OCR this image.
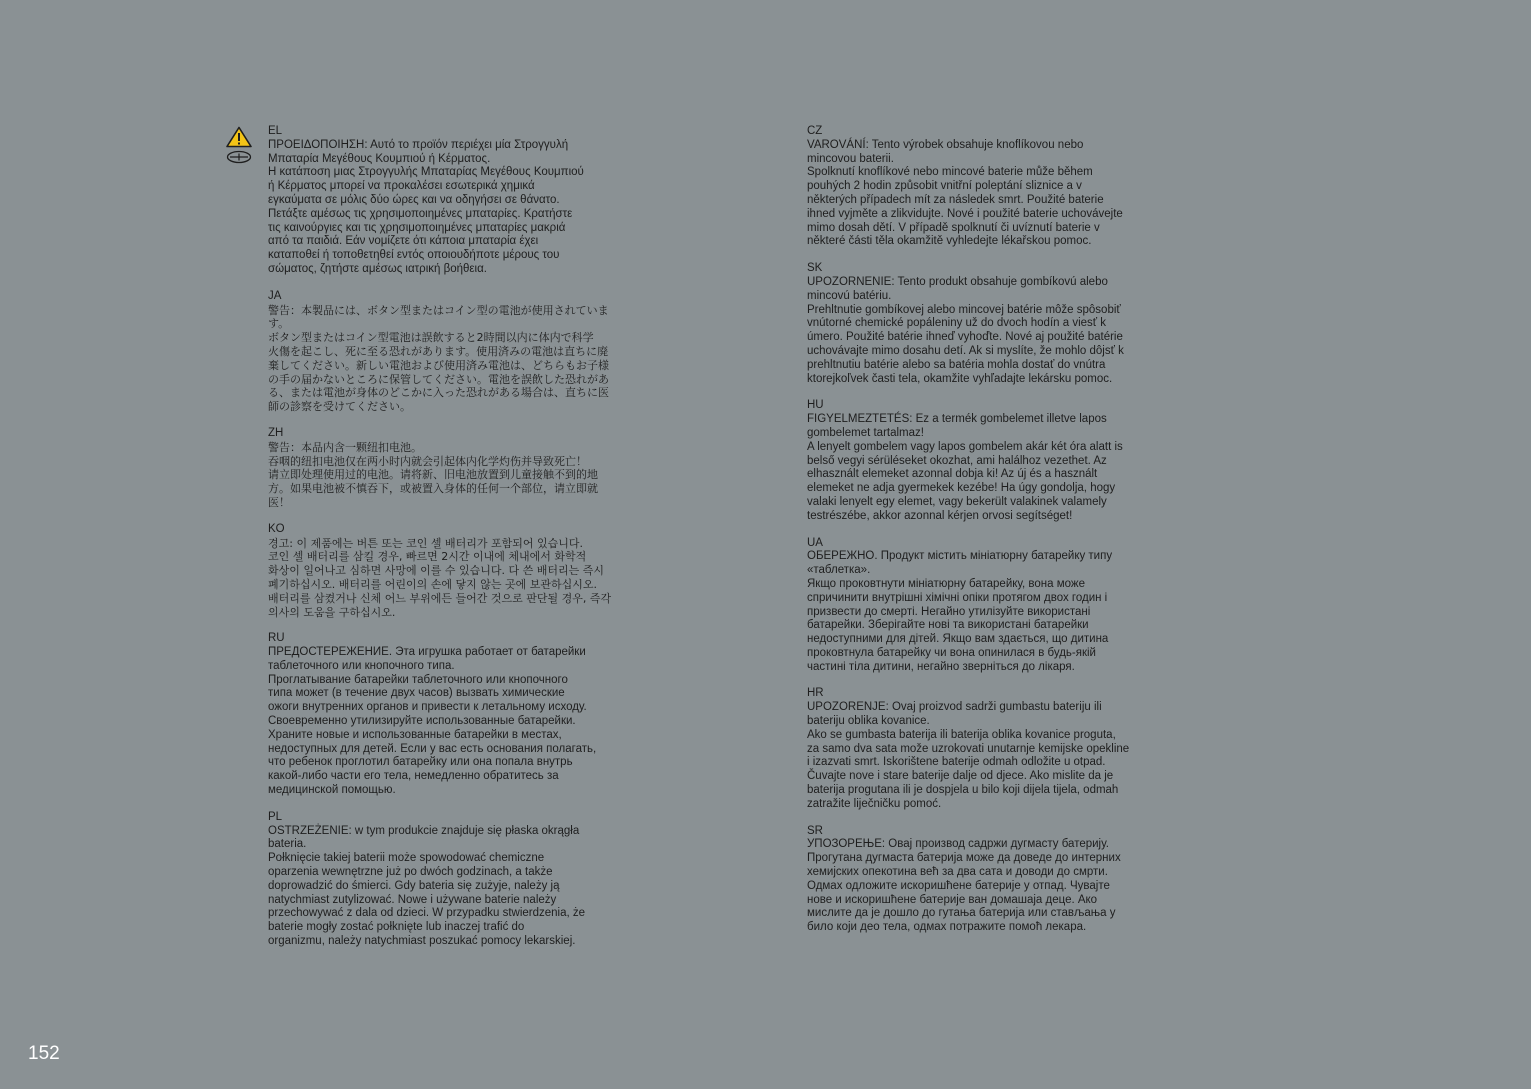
EL

ΠΡΟΕΙΔΟΠΟΙΗΣΗ: Αυτό το προϊόν περιέχει μία Στρογγυλή
Μπαταρία Μεγέθους Κουμπιού ή Κέρματος.

Η κατάποση μιας Στρογγυλής Μπαταρίας Μεγέθους Κουμπιού
ή Κέρματος μπορεί να προκαλέσει εσωτερικά χημικά
εγκαύματα σε μόλις δύο ώρες και να οδηγήσει σε θάνατο.
Πετάξτε αμέσως τις χρησιμοποιημένες μπαταρίες. Κρατήστε
τις καινούργιες και τις χρησιμοποιημένες μπαταρίες μακριά
από τα παιδιά. Εάν νομίζετε ότι κάποια μπαταρία έχει
καταποθεί ή τοποθετηθεί εντός οποιουδήποτε μέρους του
σώματος, ζητήστε αμέσως ιατρική βοήθεια.

JA

警告：本製品には、ボタン型またはコイン型の電池が使用されていま
す。

ボタン型またはコイン型電池は誤飲すると2時間以内に体内で科学
火傷を起こし、死に至る恐れがあります。使用済みの電池は直ちに廃
棄してください。新しい電池および使用済み電池は、どちらもお子様
の手の届かないところに保管してください。電池を誤飲した恐れがあ
る、または電池が身体のどこかに入った恐れがある場合は、直ちに医
師の診察を受けてください。

ZH

警告：本品内含一颗纽扣电池。

吞咽的纽扣电池仅在两小时内就会引起体内化学灼伤并导致死亡！
请立即处理使用过的电池。请将新、旧电池放置到儿童接触不到的地
方。如果电池被不慎吞下，或被置入身体的任何一个部位，请立即就
医！

KO

경고: 이 제품에는 버튼 또는 코인 셀 배터리가 포함되어 있습니다.

코인 셀 배터리를 삼킬 경우, 빠르면 2시간 이내에 체내에서 화학적
화상이 일어나고 심하면 사망에 이를 수 있습니다. 다 쓴 배터리는 즉시
폐기하십시오. 배터리를 어린이의 손에 닿지 않는 곳에 보관하십시오.
배터리를 삼켰거나 신체 어느 부위에든 들어간 것으로 판단될 경우, 즉각
의사의 도움을 구하십시오.

RU

ПРЕДОСТЕРЕЖЕНИЕ. Эта игрушка работает от батарейки
таблеточного или кнопочного типа.

Проглатывание батарейки таблеточного или кнопочного
типа может (в течение двух часов) вызвать химические
ожоги внутренних органов и привести к летальному исходу.
Своевременно утилизируйте использованные батарейки.
Храните новые и использованные батарейки в местах,
недоступных для детей. Если у вас есть основания полагать,
что ребенок проглотил батарейку или она попала внутрь
какой-либо части его тела, немедленно обратитесь за
медицинской помощью.

PL

OSTRZEŻENIE: w tym produkcie znajduje się płaska okrągła
bateria.

Połknięcie takiej baterii może spowodować chemiczne
oparzenia wewnętrzne już po dwóch godzinach, a także
doprowadzić do śmierci. Gdy bateria się zużyje, należy ją
natychmiast zutylizować. Nowe i używane baterie należy
przechowywać z dala od dzieci. W przypadku stwierdzenia, że
baterie mogły zostać połknięte lub inaczej trafić do
organizmu, należy natychmiast poszukać pomocy lekarskiej.

CZ

VAROVÁNÍ: Tento výrobek obsahuje knoflíkovou nebo
mincovou baterii.

Spolknutí knoflíkové nebo mincové baterie může během
pouhých 2 hodin způsobit vnitřní poleptání sliznice a v
některých případech mít za následek smrt. Použité baterie
ihned vyjměte a zlikvidujte. Nové i použité baterie uchovávejte
mimo dosah dětí. V případě spolknutí či uvíznutí baterie v
některé části těla okamžitě vyhledejte lékařskou pomoc.

SK

UPOZORNENIE: Tento produkt obsahuje gombíkovú alebo
mincovú batériu.

Prehltnutie gombíkovej alebo mincovej batérie môže spôsobiť
vnútorné chemické popáleniny už do dvoch hodín a viesť k
úmero. Použité batérie ihneď vyhoďte. Nové aj použité batérie
uchovávajte mimo dosahu detí. Ak si myslíte, že mohlo dôjsť k
prehltnutiu batérie alebo sa batéria mohla dostať do vnútra
ktorejkoľvek časti tela, okamžite vyhľadajte lekársku pomoc.

HU

FIGYELMEZTETÉS: Ez a termék gombelemet illetve lapos
gombelemet tartalmaz!

A lenyelt gombelem vagy lapos gombelem akár két óra alatt is
belső vegyi sérüléseket okozhat, ami halálhoz vezethet. Az
elhasznált elemeket azonnal dobja ki! Az új és a használt
elemeket ne adja gyermekek kezébe! Ha úgy gondolja, hogy
valaki lenyelt egy elemet, vagy bekerült valakinek valamely
testrészébe, akkor azonnal kérjen orvosi segítséget!

UA

ОБЕРЕЖНО. Продукт містить мініатюрну батарейку типу
«таблетка».

Якщо проковтнути мініатюрну батарейку, вона може
спричинити внутрішні хімічні опіки протягом двох годин і
призвести до смерті. Негайно утилізуйте використані
батарейки. Зберігайте нові та використані батарейки
недоступними для дітей. Якщо вам здається, що дитина
проковтнула батарейку чи вона опинилася в будь-якій
частині тіла дитини, негайно зверніться до лікаря.

HR

UPOZORENJE: Ovaj proizvod sadrži gumbastu bateriju ili
bateriju oblika kovanice.

Ako se gumbasta baterija ili baterija oblika kovanice proguta,
za samo dva sata može uzrokovati unutarnje kemijske opekline
i izazvati smrt. Iskorištene baterije odmah odložite u otpad.
Čuvajte nove i stare baterije dalje od djece. Ako mislite da je
baterija progutana ili je dospjela u bilo koji dijela tijela, odmah
zatražite liječničku pomoć.

SR

УПОЗОРЕЊЕ: Овај производ садржи дугмасту батерију.

Прогутана дугмаста батерија може да доведе до интерних
хемијских опекотина већ за два сата и доводи до смрти.
Одмах одложите искоришћене батерије у отпад. Чувајте
нове и искоришћене батерије ван домашаја деце. Ако
мислите да је дошло до гутања батерија или стављања у
било који део тела, одмах потражите помоћ лекара.

152
